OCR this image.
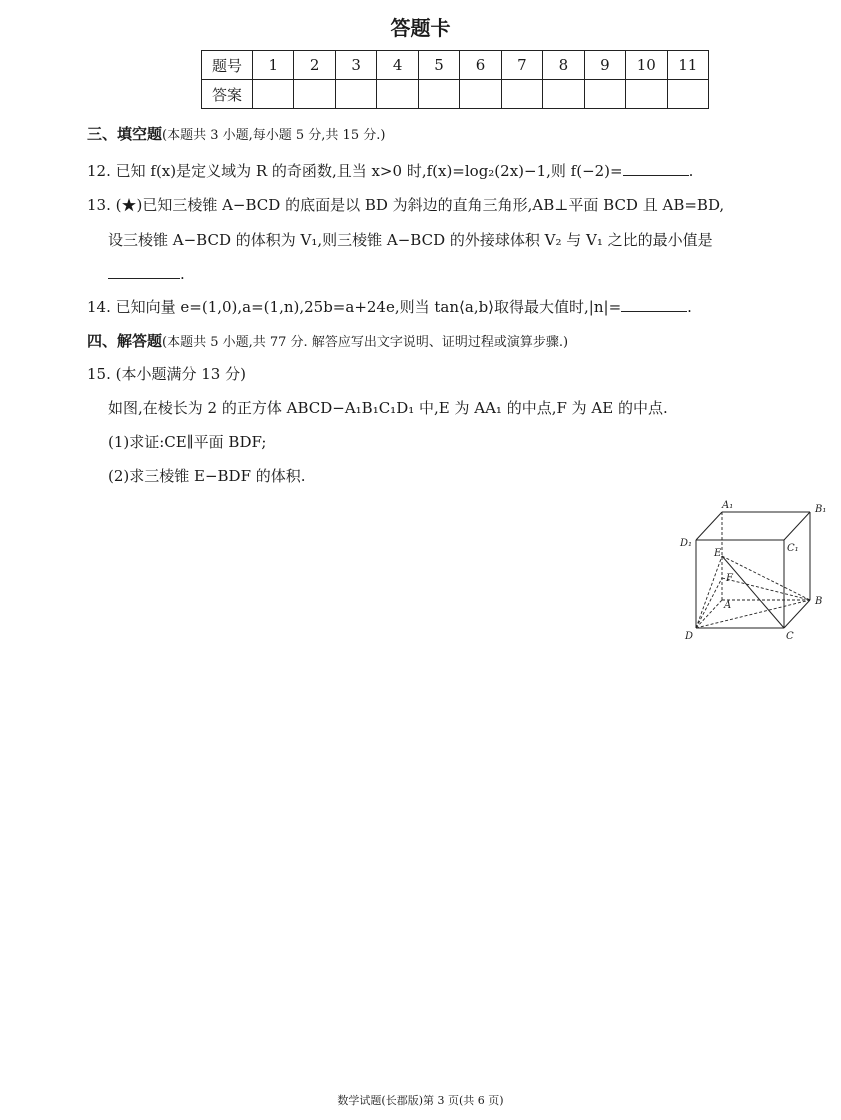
答题卡
题号	1	2	3	4	5	6	7	8	9	10	11
答案											
三、填空题(本题共 3 小题,每小题 5 分,共 15 分.)
12. 已知 f(x)是定义域为 R 的奇函数,且当 x>0 时,f(x)=log₂(2x)−1,则 f(−2)=	.
13. (★)已知三棱锥 A−BCD 的底面是以 BD 为斜边的直角三角形,AB⊥平面 BCD 且 AB=BD,
设三棱锥 A−BCD 的体积为 V₁,则三棱锥 A−BCD 的外接球体积 V₂ 与 V₁ 之比的最小值是
.
14. 已知向量 e=(1,0),a=(1,n),25b=a+24e,则当 tan⟨a,b⟩取得最大值时,|n|=	.
四、解答题(本题共 5 小题,共 77 分. 解答应写出文字说明、证明过程或演算步骤.)
15. (本小题满分 13 分)
如图,在棱长为 2 的正方体 ABCD−A₁B₁C₁D₁ 中,E 为 AA₁ 的中点,F 为 AE 的中点.
(1)求证:CE∥平面 BDF;
(2)求三棱锥 E−BDF 的体积.
A₁	B₁
C₁
D₁
E
F
A	B
C
D
数学试题(长郡版)第 3 页(共 6 页)
